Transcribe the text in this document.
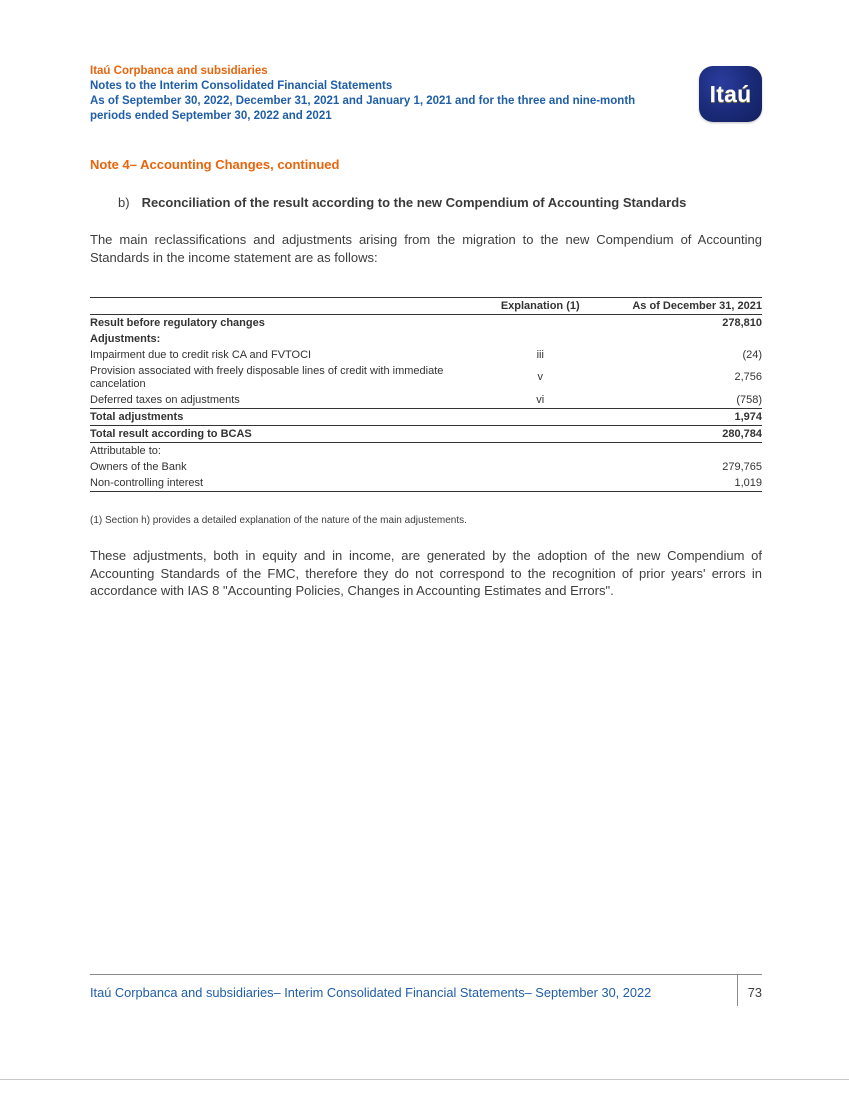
Itaú Corpbanca and subsidiaries
Notes to the Interim Consolidated Financial Statements
As of September 30, 2022, December 31, 2021 and January 1, 2021 and for the three and nine-month periods ended September 30, 2022 and 2021
Itaú
Note 4– Accounting Changes, continued
b) Reconciliation of the result according to the new Compendium of Accounting Standards

The main reclassifications and adjustments arising from the migration to the new Compendium of Accounting Standards in the income statement are as follows:

	Explanation (1)	As of December 31, 2021
Result before regulatory changes		278,810
Adjustments:		
Impairment due to credit risk CA and FVTOCI	iii	(24)
Provision associated with freely disposable lines of credit with immediate cancelation	v	2,756
Deferred taxes on adjustments	vi	(758)
Total adjustments		1,974
Total result according to BCAS		280,784
Attributable to:		
Owners of the Bank		279,765
Non-controlling interest		1,019

(1) Section h) provides a detailed explanation of the nature of the main adjustements.

These adjustments, both in equity and in income, are generated by the adoption of the new Compendium of Accounting Standards of the FMC, therefore they do not correspond to the recognition of prior years' errors in accordance with IAS 8 "Accounting Policies, Changes in Accounting Estimates and Errors".

Itaú Corpbanca and subsidiaries– Interim Consolidated Financial Statements– September 30, 2022	73
